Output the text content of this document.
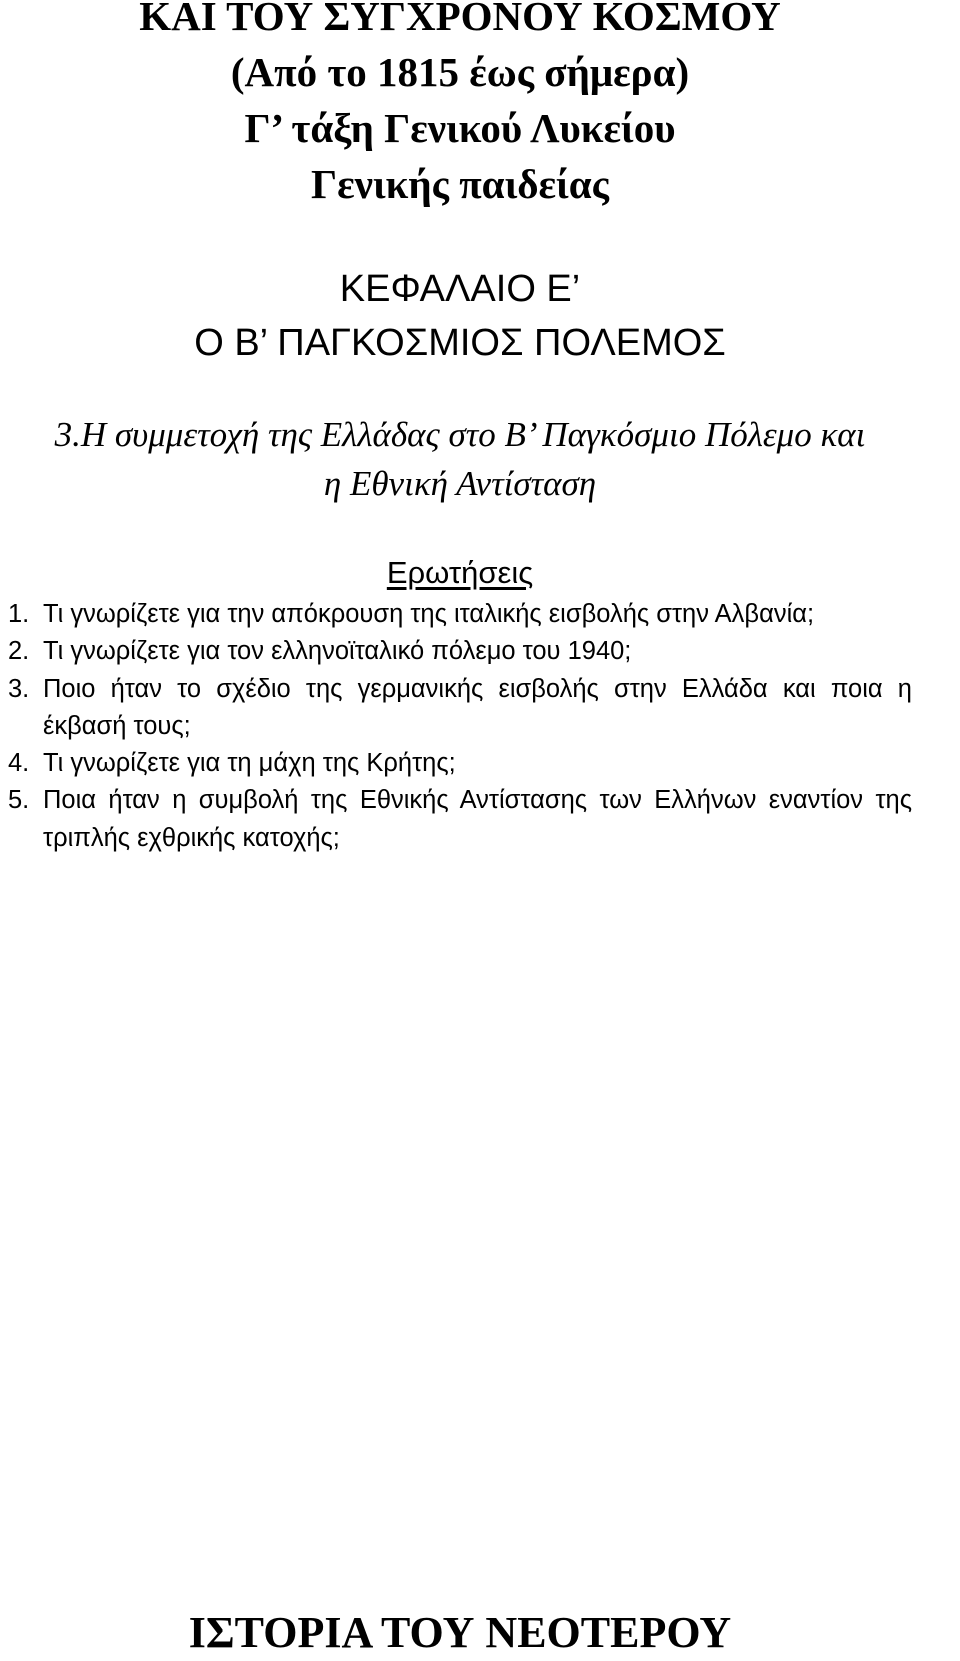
ΚΑΙ ΤΟΥ ΣΥΓΧΡΟΝΟΥ ΚΟΣΜΟΥ
(Από το 1815 έως σήμερα)
Γ’ τάξη Γενικού Λυκείου
Γενικής παιδείας
ΚΕΦΑΛΑΙΟ Ε’
Ο Β’ ΠΑΓΚΟΣΜΙΟΣ ΠΟΛΕΜΟΣ
3.Η συμμετοχή της Ελλάδας στο Β’ Παγκόσμιο Πόλεμο και
η Εθνική Αντίσταση
Ερωτήσεις
1. Τι γνωρίζετε για την απόκρουση της ιταλικής εισβολής στην Αλβανία;
2. Τι γνωρίζετε για τον ελληνοϊταλικό πόλεμο του 1940;
3. Ποιο ήταν το σχέδιο της γερμανικής εισβολής στην Ελλάδα και ποια η έκβασή τους;
4. Τι γνωρίζετε για τη μάχη της Κρήτης;
5. Ποια ήταν η συμβολή της Εθνικής Αντίστασης των Ελλήνων εναντίον της τριπλής εχθρικής κατοχής;
ΙΣΤΟΡΙΑ ΤΟΥ ΝΕΟΤΕΡΟΥ
